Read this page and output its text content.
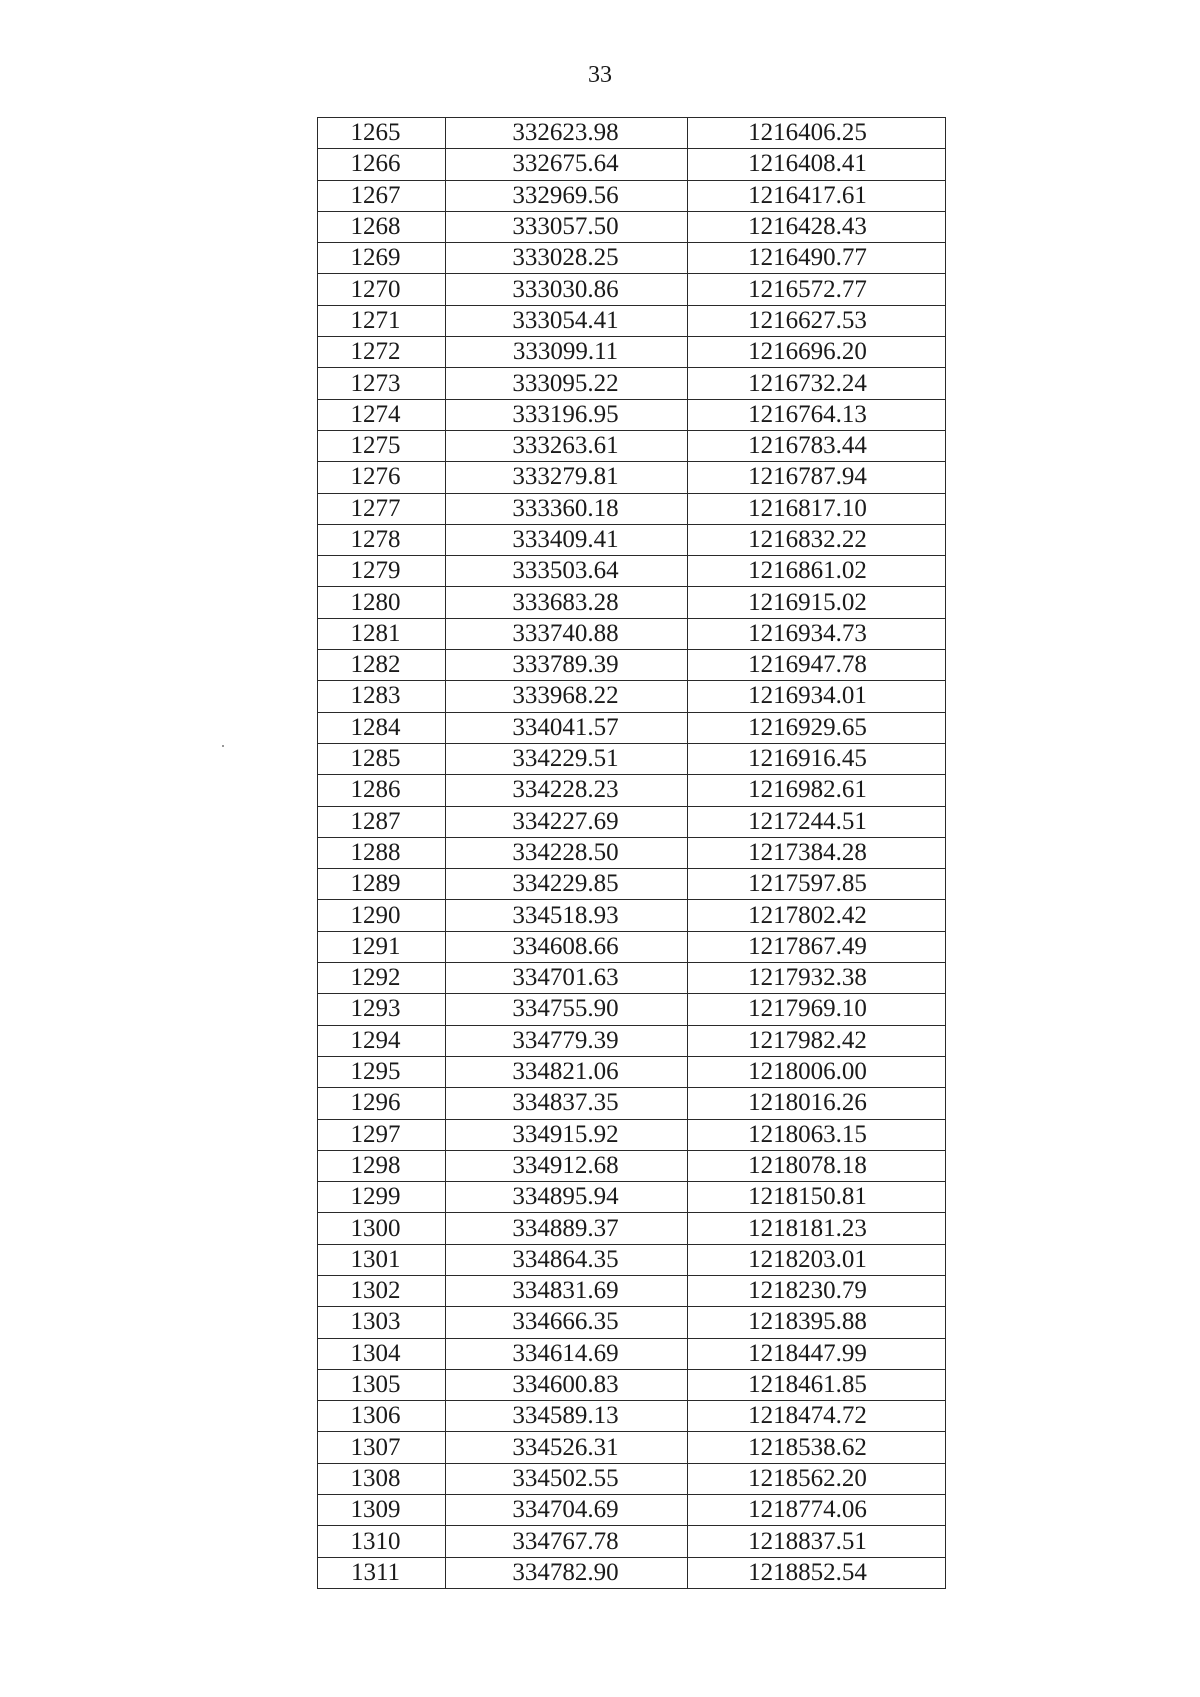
33
1265	332623.98	1216406.25
1266	332675.64	1216408.41
1267	332969.56	1216417.61
1268	333057.50	1216428.43
1269	333028.25	1216490.77
1270	333030.86	1216572.77
1271	333054.41	1216627.53
1272	333099.11	1216696.20
1273	333095.22	1216732.24
1274	333196.95	1216764.13
1275	333263.61	1216783.44
1276	333279.81	1216787.94
1277	333360.18	1216817.10
1278	333409.41	1216832.22
1279	333503.64	1216861.02
1280	333683.28	1216915.02
1281	333740.88	1216934.73
1282	333789.39	1216947.78
1283	333968.22	1216934.01
1284	334041.57	1216929.65
1285	334229.51	1216916.45
1286	334228.23	1216982.61
1287	334227.69	1217244.51
1288	334228.50	1217384.28
1289	334229.85	1217597.85
1290	334518.93	1217802.42
1291	334608.66	1217867.49
1292	334701.63	1217932.38
1293	334755.90	1217969.10
1294	334779.39	1217982.42
1295	334821.06	1218006.00
1296	334837.35	1218016.26
1297	334915.92	1218063.15
1298	334912.68	1218078.18
1299	334895.94	1218150.81
1300	334889.37	1218181.23
1301	334864.35	1218203.01
1302	334831.69	1218230.79
1303	334666.35	1218395.88
1304	334614.69	1218447.99
1305	334600.83	1218461.85
1306	334589.13	1218474.72
1307	334526.31	1218538.62
1308	334502.55	1218562.20
1309	334704.69	1218774.06
1310	334767.78	1218837.51
1311	334782.90	1218852.54
